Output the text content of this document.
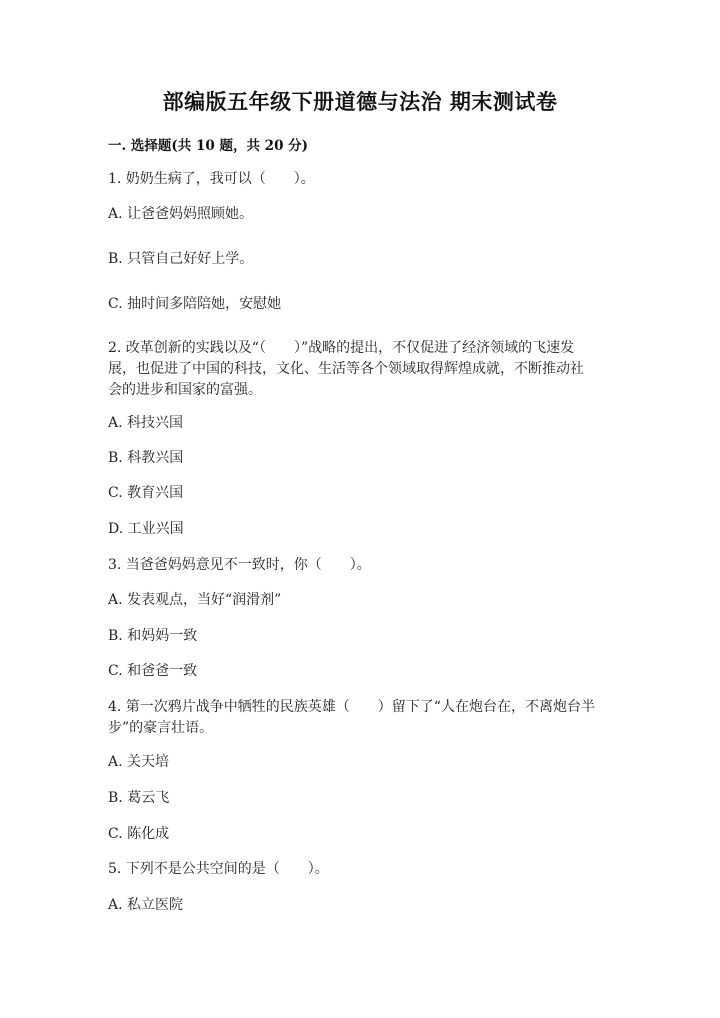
部编版五年级下册道德与法治 期末测试卷
一. 选择题(共 10 题，共 20 分)
1. 奶奶生病了，我可以（　　）。
A. 让爸爸妈妈照顾她。
B. 只管自己好好上学。
C. 抽时间多陪陪她，安慰她
2. 改革创新的实践以及“（　　）”战略的提出，不仅促进了经济领域的飞速发
展，也促进了中国的科技，文化、生活等各个领域取得辉煌成就，不断推动社
会的进步和国家的富强。
A. 科技兴国
B. 科教兴国
C. 教育兴国
D. 工业兴国
3. 当爸爸妈妈意见不一致时，你（　　）。
A. 发表观点，当好“润滑剂”
B. 和妈妈一致
C. 和爸爸一致
4. 第一次鸦片战争中牺牲的民族英雄（　　）留下了“人在炮台在，不离炮台半
步”的豪言壮语。
A. 关天培
B. 葛云飞
C. 陈化成
5. 下列不是公共空间的是（　　）。
A. 私立医院
